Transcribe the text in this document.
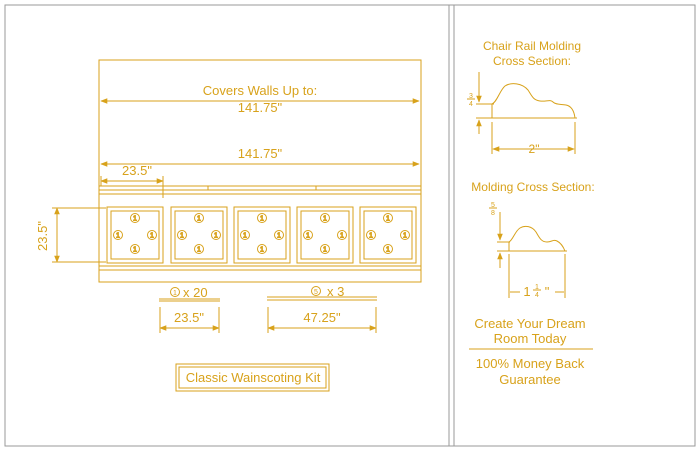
1
1	1
1
1
1	1
1
1
1	1
1
1
1	1
1
1
1	1
1
Covers Walls Up to:
141.75"
141.75"
23.5"
23.5"
1 x 20	5 x 3
23.5"	47.25"
Classic Wainscoting Kit
Chair Rail Molding
Cross Section:
3
4
2"
Molding Cross Section:
5
8
1 1
4 "
Create Your Dream
Room Today
100% Money Back
Guarantee
